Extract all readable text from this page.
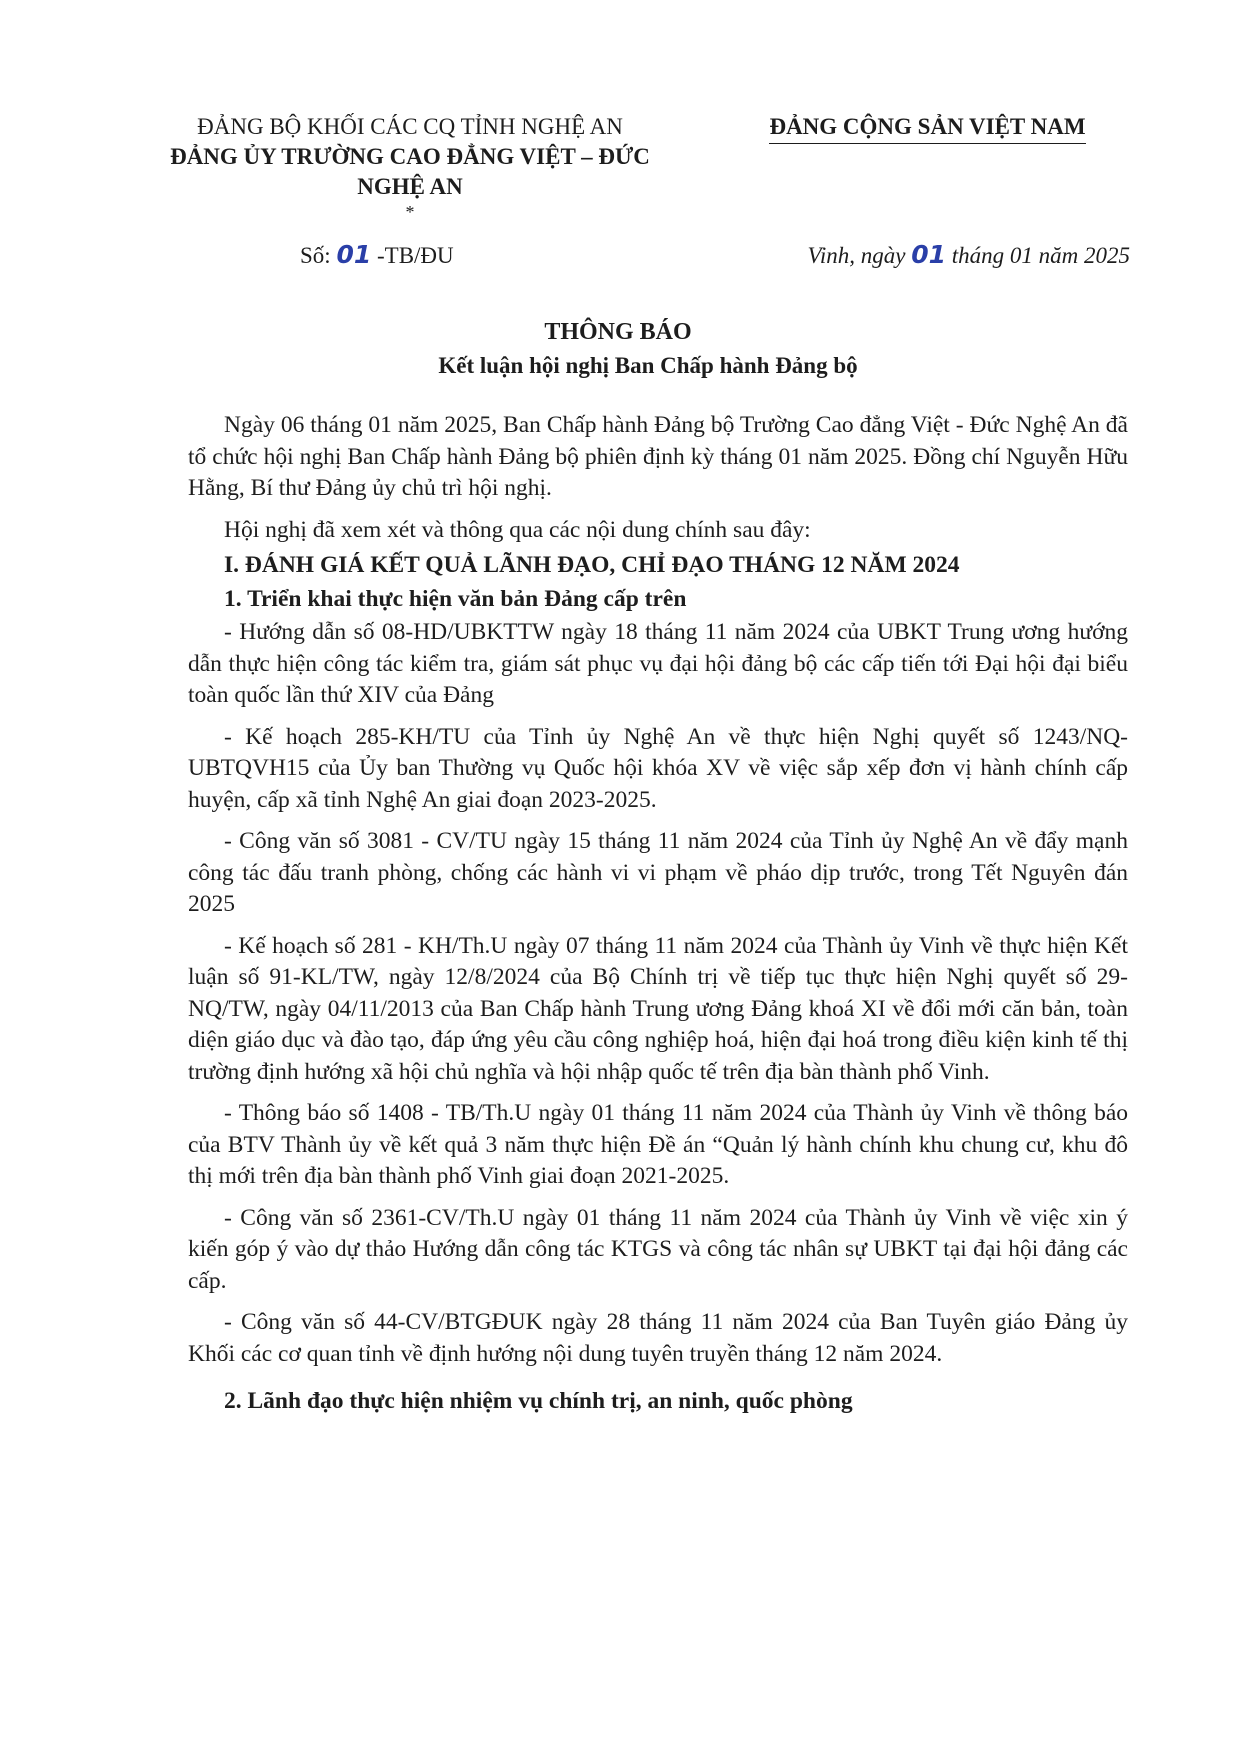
ĐẢNG BỘ KHỐI CÁC CQ TỈNH NGHỆ AN
ĐẢNG ỦY TRƯỜNG CAO ĐẲNG VIỆT – ĐỨC
NGHỆ AN
*
ĐẢNG CỘNG SẢN VIỆT NAM
Số: 01 -TB/ĐU	Vinh, ngày 01 tháng 01 năm 2025
THÔNG BÁO
Kết luận hội nghị Ban Chấp hành Đảng bộ

Ngày 06 tháng 01 năm 2025, Ban Chấp hành Đảng bộ Trường Cao đẳng Việt - Đức Nghệ An đã tổ chức hội nghị Ban Chấp hành Đảng bộ phiên định kỳ tháng 01 năm 2025. Đồng chí Nguyễn Hữu Hằng, Bí thư Đảng ủy chủ trì hội nghị.

Hội nghị đã xem xét và thông qua các nội dung chính sau đây:

I. ĐÁNH GIÁ KẾT QUẢ LÃNH ĐẠO, CHỈ ĐẠO THÁNG 12 NĂM 2024
1. Triển khai thực hiện văn bản Đảng cấp trên

- Hướng dẫn số 08-HD/UBKTTW ngày 18 tháng 11 năm 2024 của UBKT Trung ương hướng dẫn thực hiện công tác kiểm tra, giám sát phục vụ đại hội đảng bộ các cấp tiến tới Đại hội đại biểu toàn quốc lần thứ XIV của Đảng

- Kế hoạch 285-KH/TU của Tỉnh ủy Nghệ An về thực hiện Nghị quyết số 1243/NQ-UBTQVH15 của Ủy ban Thường vụ Quốc hội khóa XV về việc sắp xếp đơn vị hành chính cấp huyện, cấp xã tỉnh Nghệ An giai đoạn 2023-2025.

- Công văn số 3081 - CV/TU ngày 15 tháng 11 năm 2024 của Tỉnh ủy Nghệ An về đẩy mạnh công tác đấu tranh phòng, chống các hành vi vi phạm về pháo dịp trước, trong Tết Nguyên đán 2025

- Kế hoạch số 281 - KH/Th.U ngày 07 tháng 11 năm 2024 của Thành ủy Vinh về thực hiện Kết luận số 91-KL/TW, ngày 12/8/2024 của Bộ Chính trị về tiếp tục thực hiện Nghị quyết số 29-NQ/TW, ngày 04/11/2013 của Ban Chấp hành Trung ương Đảng khoá XI về đổi mới căn bản, toàn diện giáo dục và đào tạo, đáp ứng yêu cầu công nghiệp hoá, hiện đại hoá trong điều kiện kinh tế thị trường định hướng xã hội chủ nghĩa và hội nhập quốc tế trên địa bàn thành phố Vinh.

- Thông báo số 1408 - TB/Th.U ngày 01 tháng 11 năm 2024 của Thành ủy Vinh về thông báo của BTV Thành ủy về kết quả 3 năm thực hiện Đề án “Quản lý hành chính khu chung cư, khu đô thị mới trên địa bàn thành phố Vinh giai đoạn 2021-2025.

- Công văn số 2361-CV/Th.U ngày 01 tháng 11 năm 2024 của Thành ủy Vinh về việc xin ý kiến góp ý vào dự thảo Hướng dẫn công tác KTGS và công tác nhân sự UBKT tại đại hội đảng các cấp.

- Công văn số 44-CV/BTGĐUK ngày 28 tháng 11 năm 2024 của Ban Tuyên giáo Đảng ủy Khối các cơ quan tỉnh về định hướng nội dung tuyên truyền tháng 12 năm 2024.

2. Lãnh đạo thực hiện nhiệm vụ chính trị, an ninh, quốc phòng
